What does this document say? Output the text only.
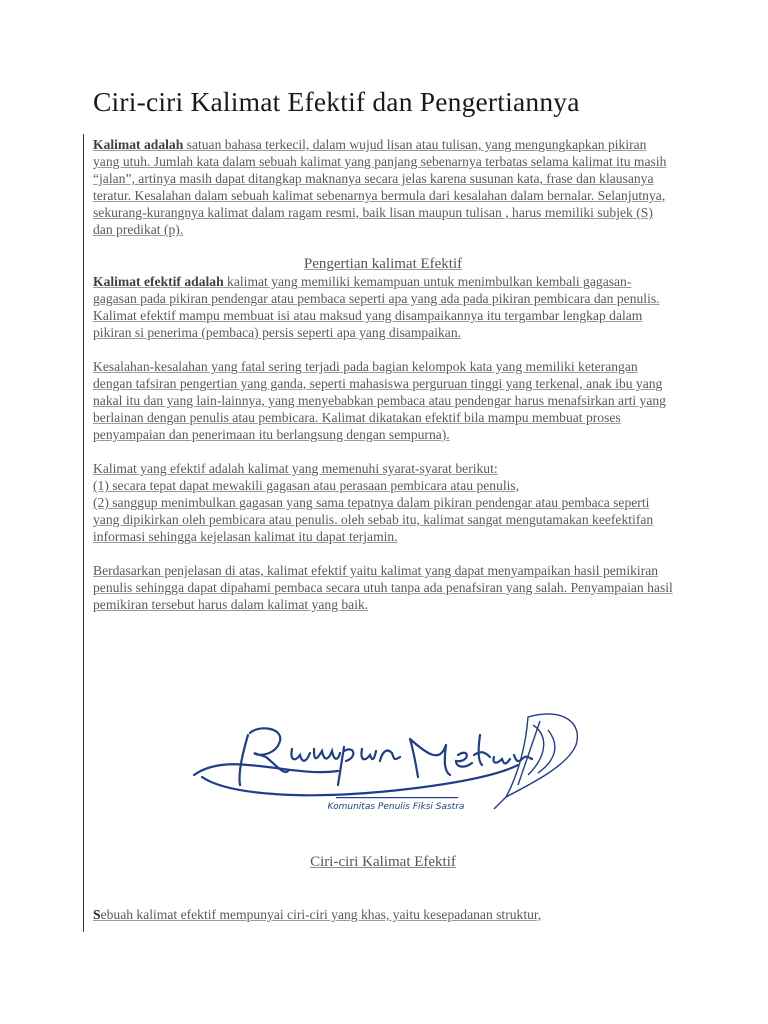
Ciri-ciri Kalimat Efektif dan Pengertiannya

Kalimat adalah satuan bahasa terkecil, dalam wujud lisan atau tulisan, yang mengungkapkan pikiran yang utuh. Jumlah kata dalam sebuah kalimat yang panjang sebenarnya terbatas selama kalimat itu masih “jalan”, artinya masih dapat ditangkap maknanya secara jelas karena susunan kata, frase dan klausanya teratur. Kesalahan dalam sebuah kalimat sebenarnya bermula dari kesalahan dalam bernalar. Selanjutnya, sekurang-kurangnya kalimat dalam ragam resmi, baik lisan maupun tulisan , harus memiliki subjek (S) dan predikat (p).

Pengertian kalimat Efektif

Kalimat efektif adalah kalimat yang memiliki kemampuan untuk menimbulkan kembali gagasan-gagasan pada pikiran pendengar atau pembaca seperti apa yang ada pada pikiran pembicara dan penulis. Kalimat efektif mampu membuat isi atau maksud yang disampaikannya itu tergambar lengkap dalam pikiran si penerima (pembaca) persis seperti apa yang disampaikan.

Kesalahan-kesalahan yang fatal sering terjadi pada bagian kelompok kata yang memiliki keterangan dengan tafsiran pengertian yang ganda, seperti mahasiswa perguruan tinggi yang terkenal, anak ibu yang nakal itu dan yang lain-lainnya, yang menyebabkan pembaca atau pendengar harus menafsirkan arti yang berlainan dengan penulis atau pembicara. Kalimat dikatakan efektif bila mampu membuat proses penyampaian dan penerimaan itu berlangsung dengan sempurna).

Kalimat yang efektif adalah kalimat yang memenuhi syarat-syarat berikut:
(1) secara tepat dapat mewakili gagasan atau perasaan pembicara atau penulis,
(2) sanggup menimbulkan gagasan yang sama tepatnya dalam pikiran pendengar atau pembaca seperti yang dipikirkan oleh pembicara atau penulis. oleh sebab itu, kalimat sangat mengutamakan keefektifan informasi sehingga kejelasan kalimat itu dapat terjamin.

Berdasarkan penjelasan di atas, kalimat efektif yaitu kalimat yang dapat menyampaikan hasil pemikiran penulis sehingga dapat dipahami pembaca secara utuh tanpa ada penafsiran yang salah. Penyampaian hasil pemikiran tersebut harus dalam kalimat yang baik.

Komunitas Penulis Fiksi Sastra

Ciri-ciri Kalimat Efektif

Sebuah kalimat efektif mempunyai ciri-ciri yang khas, yaitu kesepadanan struktur,
